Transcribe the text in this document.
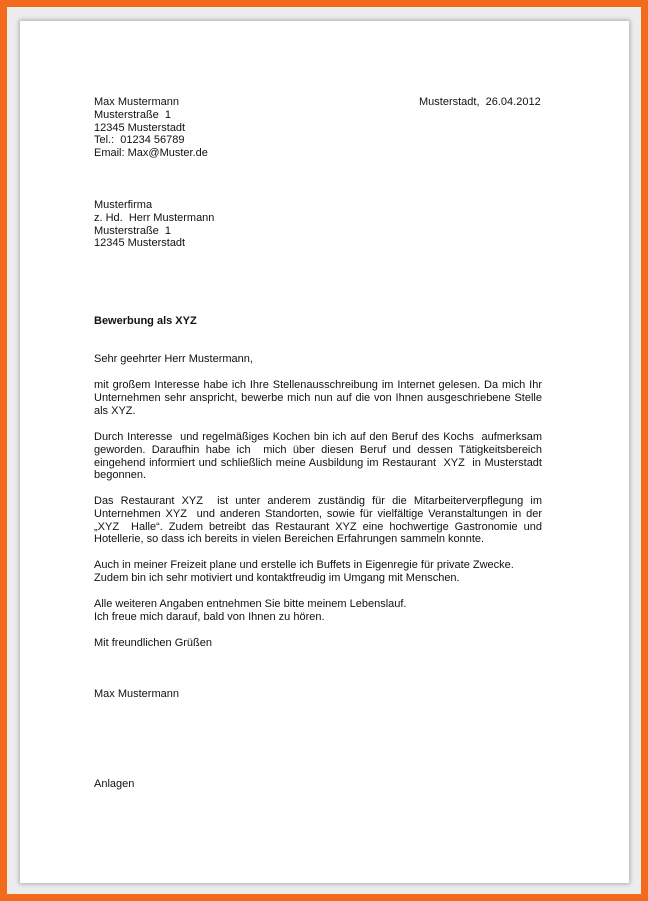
Max Mustermann
Musterstraße  1
12345 Musterstadt
Tel.:  01234 56789
Email: Max@Muster.de

Musterstadt,  26.04.2012

Musterfirma
z. Hd.  Herr Mustermann
Musterstraße  1
12345 Musterstadt

Bewerbung als XYZ

Sehr geehrter Herr Mustermann,

mit großem Interesse habe ich Ihre Stellenausschreibung im Internet gelesen. Da mich Ihr
Unternehmen sehr anspricht, bewerbe mich nun auf die von Ihnen ausgeschriebene Stelle
als XYZ.
Durch Interesse  und regelmäßiges Kochen bin ich auf den Beruf des Kochs  aufmerksam
geworden. Daraufhin habe ich  mich über diesen Beruf und dessen Tätigkeitsbereich
eingehend informiert und schließlich meine Ausbildung im Restaurant  XYZ  in Musterstadt
begonnen.
Das Restaurant XYZ  ist unter anderem zuständig für die Mitarbeiterverpflegung im
Unternehmen XYZ  und anderen Standorten, sowie für vielfältige Veranstaltungen in der
„XYZ  Halle“. Zudem betreibt das Restaurant XYZ eine hochwertige Gastronomie und
Hotellerie, so dass ich bereits in vielen Bereichen Erfahrungen sammeln konnte.
Auch in meiner Freizeit plane und erstelle ich Buffets in Eigenregie für private Zwecke.
Zudem bin ich sehr motiviert und kontaktfreudig im Umgang mit Menschen.
Alle weiteren Angaben entnehmen Sie bitte meinem Lebenslauf.
Ich freue mich darauf, bald von Ihnen zu hören.

Mit freundlichen Grüßen

Max Mustermann

Anlagen
